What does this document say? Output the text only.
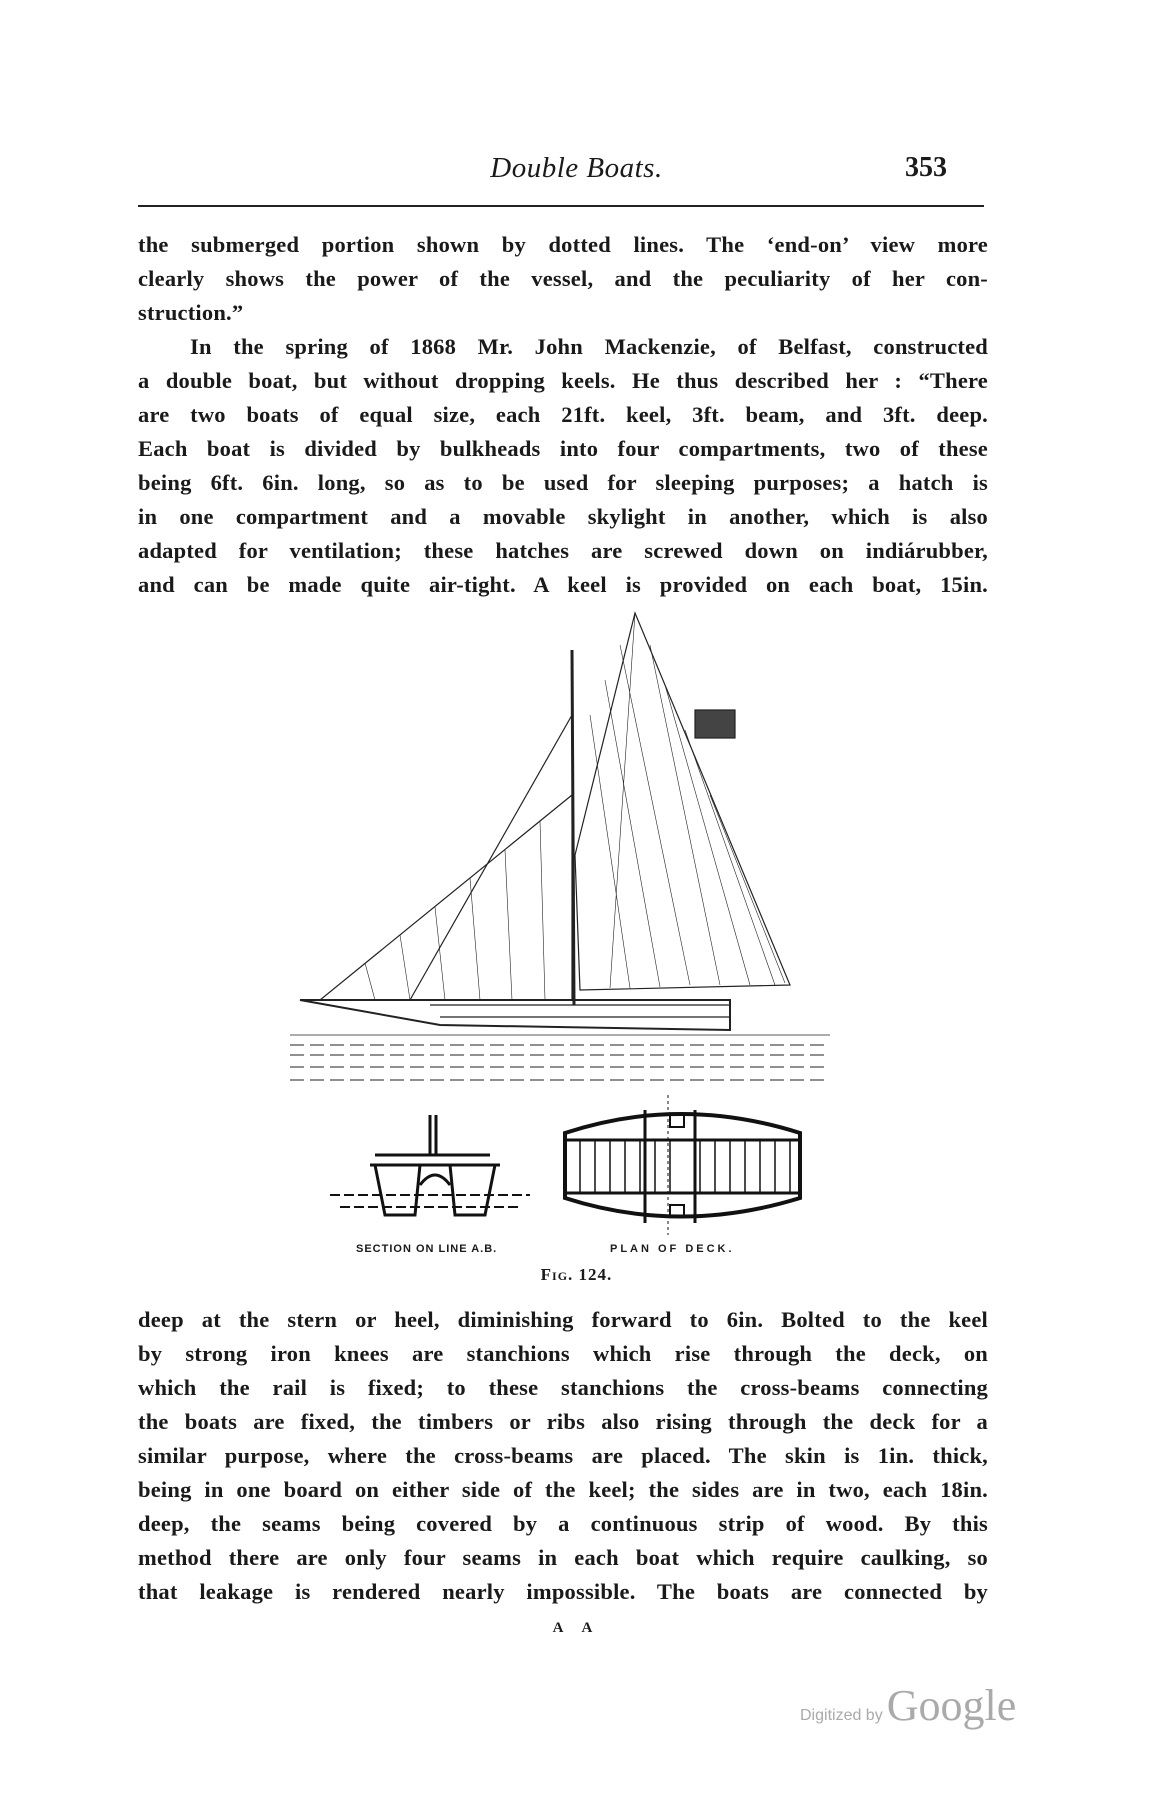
Double Boats.	353
the submerged portion shown by dotted lines. The ‘end-on’ view more
clearly shows the power of the vessel, and the peculiarity of her con-
struction.”
In the spring of 1868 Mr. John Mackenzie, of Belfast, constructed
a double boat, but without dropping keels. He thus described her : “There
are two boats of equal size, each 21ft. keel, 3ft. beam, and 3ft. deep.
Each boat is divided by bulkheads into four compartments, two of these
being 6ft. 6in. long, so as to be used for sleeping purposes; a hatch is
in one compartment and a movable skylight in another, which is also
adapted for ventilation; these hatches are screwed down on indiárubber,
and can be made quite air-tight. A keel is provided on each boat, 15in.
SECTION ON LINE A.B.	PLAN OF DECK.
Fig. 124.
deep at the stern or heel, diminishing forward to 6in. Bolted to the keel
by strong iron knees are stanchions which rise through the deck, on
which the rail is fixed; to these stanchions the cross-beams connecting
the boats are fixed, the timbers or ribs also rising through the deck for a
similar purpose, where the cross-beams are placed. The skin is 1in. thick,
being in one board on either side of the keel; the sides are in two, each 18in.
deep, the seams being covered by a continuous strip of wood. By this
method there are only four seams in each boat which require caulking, so
that leakage is rendered nearly impossible. The boats are connected by
A A
Digitized by Google
